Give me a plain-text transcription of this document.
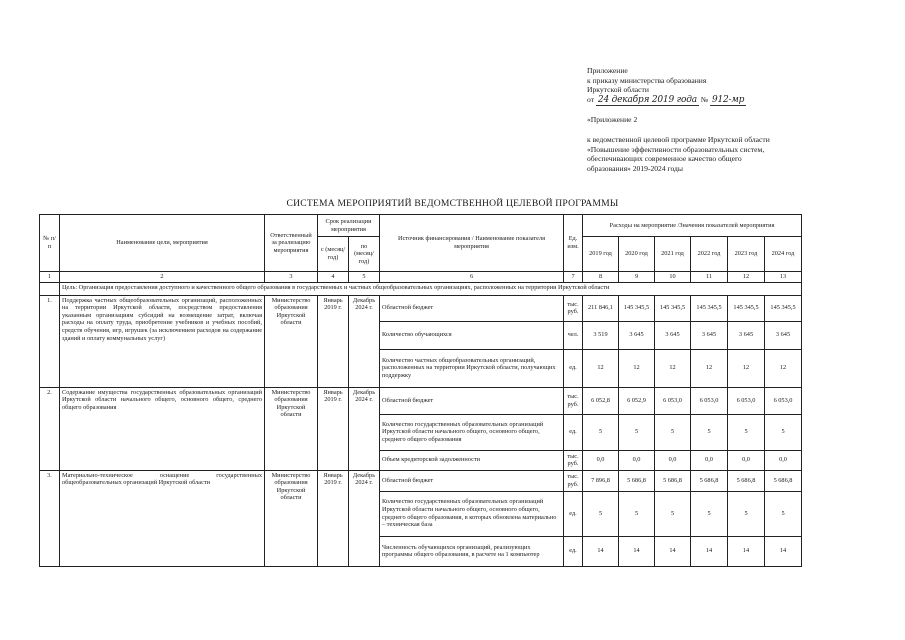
Приложение
к приказу министерства образования
Иркутской области
от 24 декабря 2019 года № 912-мр
«Приложение 2
к ведомственной целевой программе Иркутской области
«Повышение эффективности образовательных систем,
обеспечивающих современное качество общего
образования» 2019-2024 годы
СИСТЕМА МЕРОПРИЯТИЙ ВЕДОМСТВЕННОЙ ЦЕЛЕВОЙ ПРОГРАММЫ
№ п/п	Наименование цели, мероприятия	Ответственный за реализацию мероприятия	Срок реализации мероприятия		Источник финансирования / Наименование показателя мероприятия	Ед. изм.	Расходы на мероприятие /Значения показателей мероприятия					
			с (месяц/ год)	по (месяц/ год)			2019 год	2020 год	2021 год	2022 год	2023 год	2024 год
1	2	3	4	5	6	7	8	9	10	11	12	13
	Цель: Организация предоставления доступного и качественного общего образования в государственных и частных общеобразовательных организациях, расположенных на территории Иркутской области											
1.	Поддержка частных общеобразовательных организаций, расположенных на территории Иркутской области, посредством предоставления указанным организациям субсидий на возмещение затрат, включая расходы на оплату труда, приобретение учебников и учебных пособий, средств обучения, игр, игрушек (за исключением расходов на содержание зданий и оплату коммунальных услуг)	Министерство образования Иркутской области	Январь 2019 г.	Декабрь 2024 г.	Областной бюджет	тыс. руб.	211 846,1	145 345,5	145 345,5	145 345,5	145 345,5	145 345,5
					Количество обучающихся	чел.	3 519	3 645	3 645	3 645	3 645	3 645
					Количество частных общеобразовательных организаций, расположенных на территории Иркутской области, получающих поддержку	ед.	12	12	12	12	12	12
2.	Содержание имущества государственных образовательных организаций Иркутской области начального общего, основного общего, среднего общего образования	Министерство образования Иркутской области	Январь 2019 г.	Декабрь 2024 г.	Областной бюджет	тыс. руб.	6 052,8	6 052,9	6 053,0	6 053,0	6 053,0	6 053,0
					Количество государственных образовательных организаций Иркутской области начального общего, основного общего, среднего общего образования	ед.	5	5	5	5	5	5
					Объем кредиторской задолженности	тыс. руб.	0,0	0,0	0,0	0,0	0,0	0,0
3.	Материально-техническое оснащение государственных общеобразовательных организаций Иркутской области	Министерство образования Иркутской области	Январь 2019 г.	Декабрь 2024 г.	Областной бюджет	тыс. руб.	7 896,8	5 686,8	5 686,8	5 686,8	5 686,8	5 686,8
					Количество государственных образовательных организаций Иркутской области начального общего, основного общего, среднего общего образования, в которых обновлена материально – техническая база	ед.	5	5	5	5	5	5
					Численность обучающихся организаций, реализующих программы общего образования, в расчете на 1 компьютер	ед.	14	14	14	14	14	14
